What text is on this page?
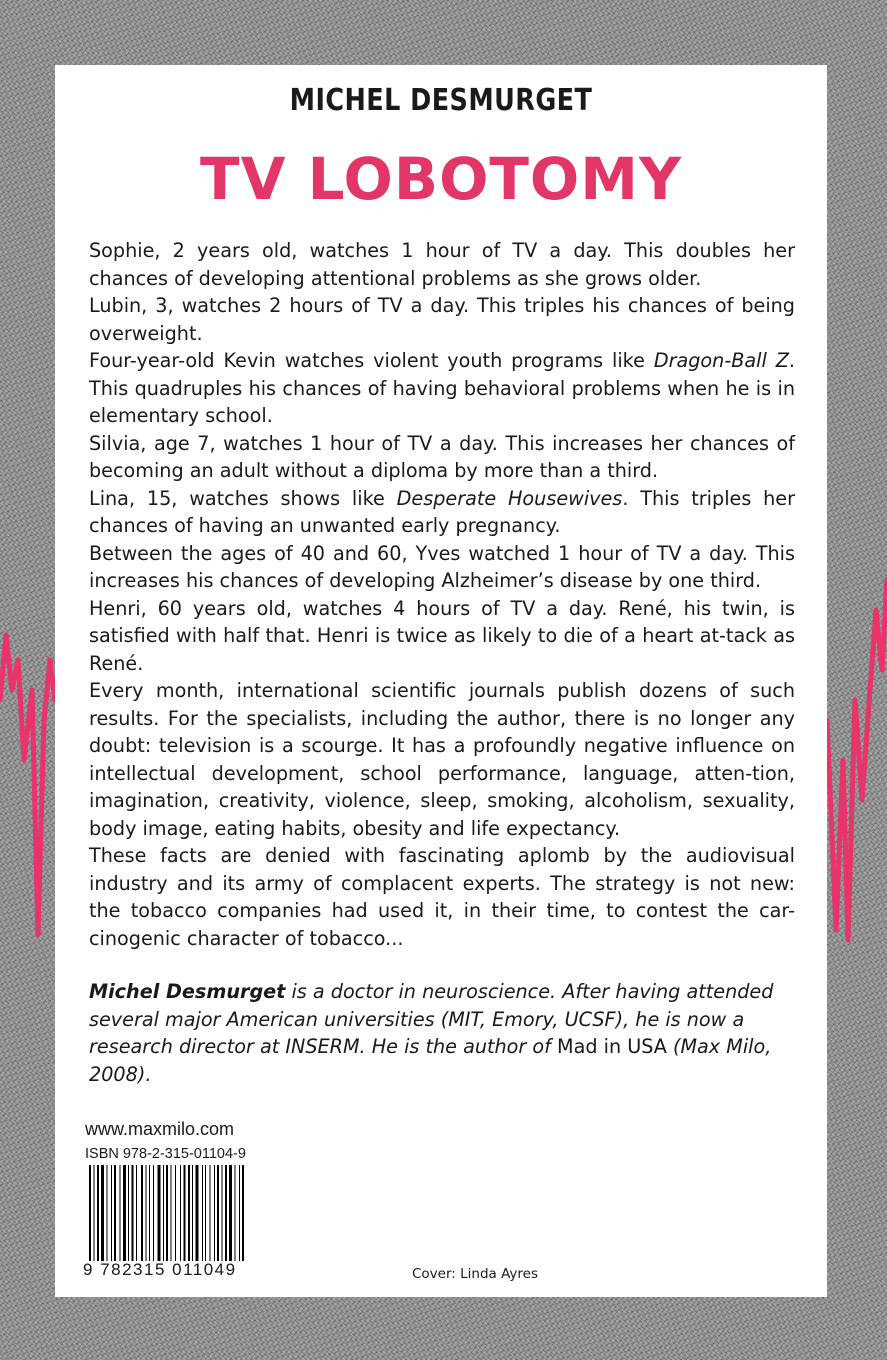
MICHEL DESMURGET
TV LOBOTOMY

Sophie, 2 years old, watches 1 hour of TV a day. This doubles her chances of developing attentional problems as she grows older.

Lubin, 3, watches 2 hours of TV a day. This triples his chances of being overweight.

Four-year-old Kevin watches violent youth programs like Dragon-Ball Z. This quadruples his chances of having behavioral problems when he is in elementary school.

Silvia, age 7, watches 1 hour of TV a day. This increases her chances of becoming an adult without a diploma by more than a third.

Lina, 15, watches shows like Desperate Housewives. This triples her chances of having an unwanted early pregnancy.

Between the ages of 40 and 60, Yves watched 1 hour of TV a day. This increases his chances of developing Alzheimer’s disease by one third.

Henri, 60 years old, watches 4 hours of TV a day. René, his twin, is satisfied with half that. Henri is twice as likely to die of a heart at-tack as René.

Every month, international scientific journals publish dozens of such results. For the specialists, including the author, there is no longer any doubt: television is a scourge. It has a profoundly negative influence on intellectual development, school performance, language, atten-tion, imagination, creativity, violence, sleep, smoking, alcoholism, sexuality, body image, eating habits, obesity and life expectancy.

These facts are denied with fascinating aplomb by the audiovisual industry and its army of complacent experts. The strategy is not new: the tobacco companies had used it, in their time, to contest the car-cinogenic character of tobacco...

Michel Desmurget is a doctor in neuroscience. After having attended several major American universities (MIT, Emory, UCSF), he is now a research director at INSERM. He is the author of Mad in USA (Max Milo, 2008).
www.maxmilo.com
ISBN 978-2-315-01104-9
9 782315 011049	Cover: Linda Ayres
